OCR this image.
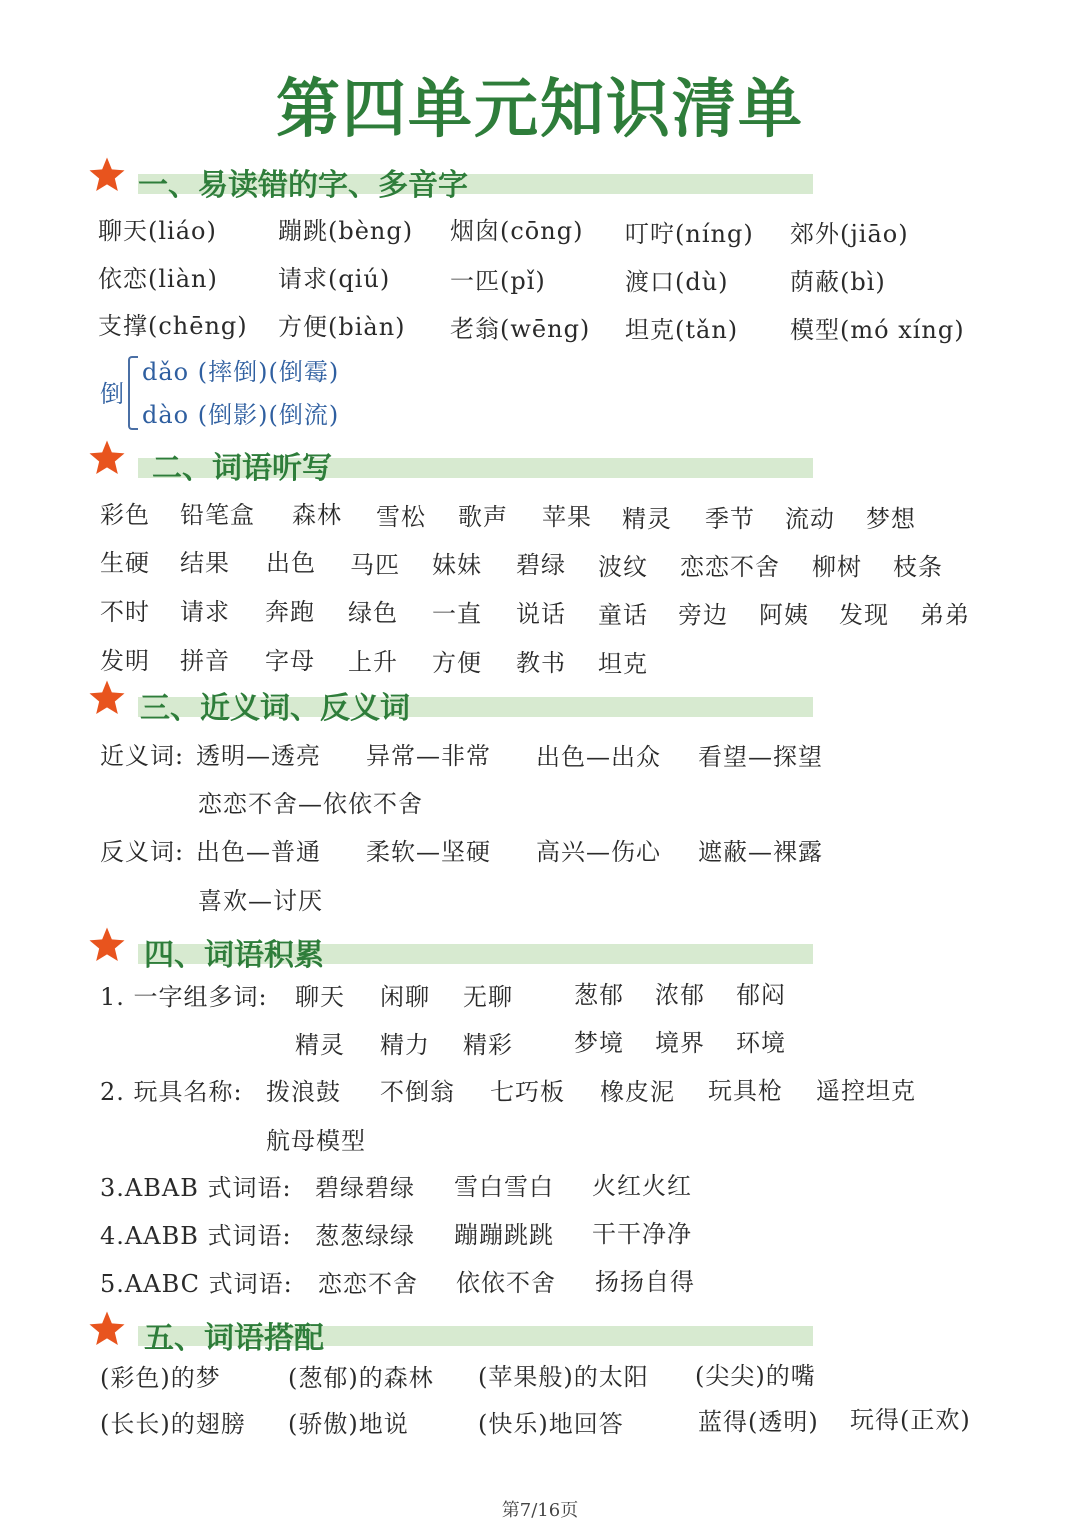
第四单元知识清单
一、易读错的字、多音字
聊天(liáo)	蹦跳(bèng) 烟囱(cōng) 叮咛(níng) 郊外(jiāo)
依恋(liàn)	请求(qiú) 一匹(pǐ)	渡口(dù)	荫蔽(bì)
支撑(chēng) 方便(biàn) 老翁(wēng) 坦克(tǎn) 模型(mó xíng)
倒
dǎo (摔倒)(倒霉)
dào (倒影)(倒流)
二、词语听写
彩色 铅笔盒 森林 雪松 歌声 苹果 精灵 季节 流动 梦想
生硬 结果 出色 马匹 妹妹 碧绿 波纹 恋恋不舍 柳树 枝条
不时 请求 奔跑 绿色 一直 说话 童话 旁边 阿姨 发现 弟弟
发明 拼音 字母 上升 方便 教书 坦克
三、近义词、反义词
近义词: 透明—透亮 异常—非常 出色—出众 看望—探望
恋恋不舍—依依不舍
反义词: 出色—普通 柔软—坚硬 高兴—伤心 遮蔽—裸露
喜欢—讨厌
四、词语积累
1. 一字组多词: 聊天 闲聊 无聊	葱郁 浓郁 郁闷
精灵 精力 精彩	梦境 境界 环境
2. 玩具名称: 拨浪鼓 不倒翁 七巧板 橡皮泥 玩具枪 遥控坦克
航母模型
3.ABAB 式词语: 碧绿碧绿 雪白雪白 火红火红
4.AABB 式词语: 葱葱绿绿 蹦蹦跳跳 干干净净
5.AABC 式词语: 恋恋不舍 依依不舍 扬扬自得
五、词语搭配
(彩色)的梦	(葱郁)的森林 (苹果般)的太阳 (尖尖)的嘴
(长长)的翅膀 (骄傲)地说	(快乐)地回答	蓝得(透明) 玩得(正欢)
第7/16页
